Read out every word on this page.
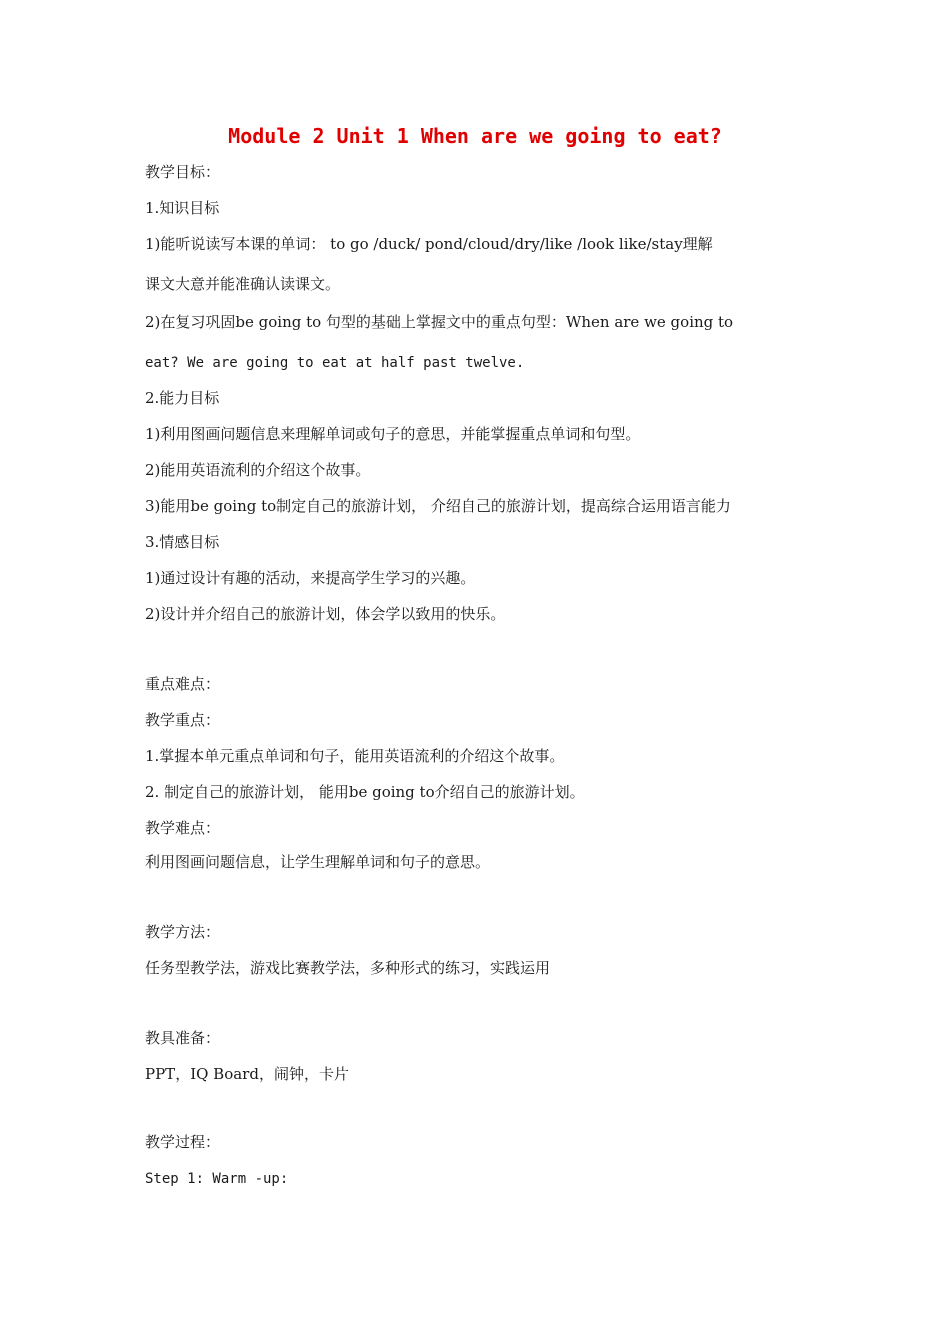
Module 2 Unit 1 When are we going to eat?
教学目标：
1.知识目标
1)能听说读写本课的单词： to go /duck/ pond/cloud/dry/like /look like/stay理解
课文大意并能准确认读课文。
2)在复习巩固be going to 句型的基础上掌握文中的重点句型：When are we going to
eat? We are going to eat at half past twelve.
2.能力目标
1)利用图画问题信息来理解单词或句子的意思，并能掌握重点单词和句型。
2)能用英语流利的介绍这个故事。
3)能用be going to制定自己的旅游计划， 介绍自己的旅游计划，提高综合运用语言能力
3.情感目标
1)通过设计有趣的活动，来提高学生学习的兴趣。
2)设计并介绍自己的旅游计划，体会学以致用的快乐。
重点难点：
教学重点：
1.掌握本单元重点单词和句子，能用英语流利的介绍这个故事。
2. 制定自己的旅游计划， 能用be going to介绍自己的旅游计划。
教学难点：
利用图画问题信息，让学生理解单词和句子的意思。
教学方法：
任务型教学法，游戏比赛教学法，多种形式的练习，实践运用
教具准备：
PPT，IQ Board，闹钟，卡片
教学过程：
Step 1: Warm -up:
